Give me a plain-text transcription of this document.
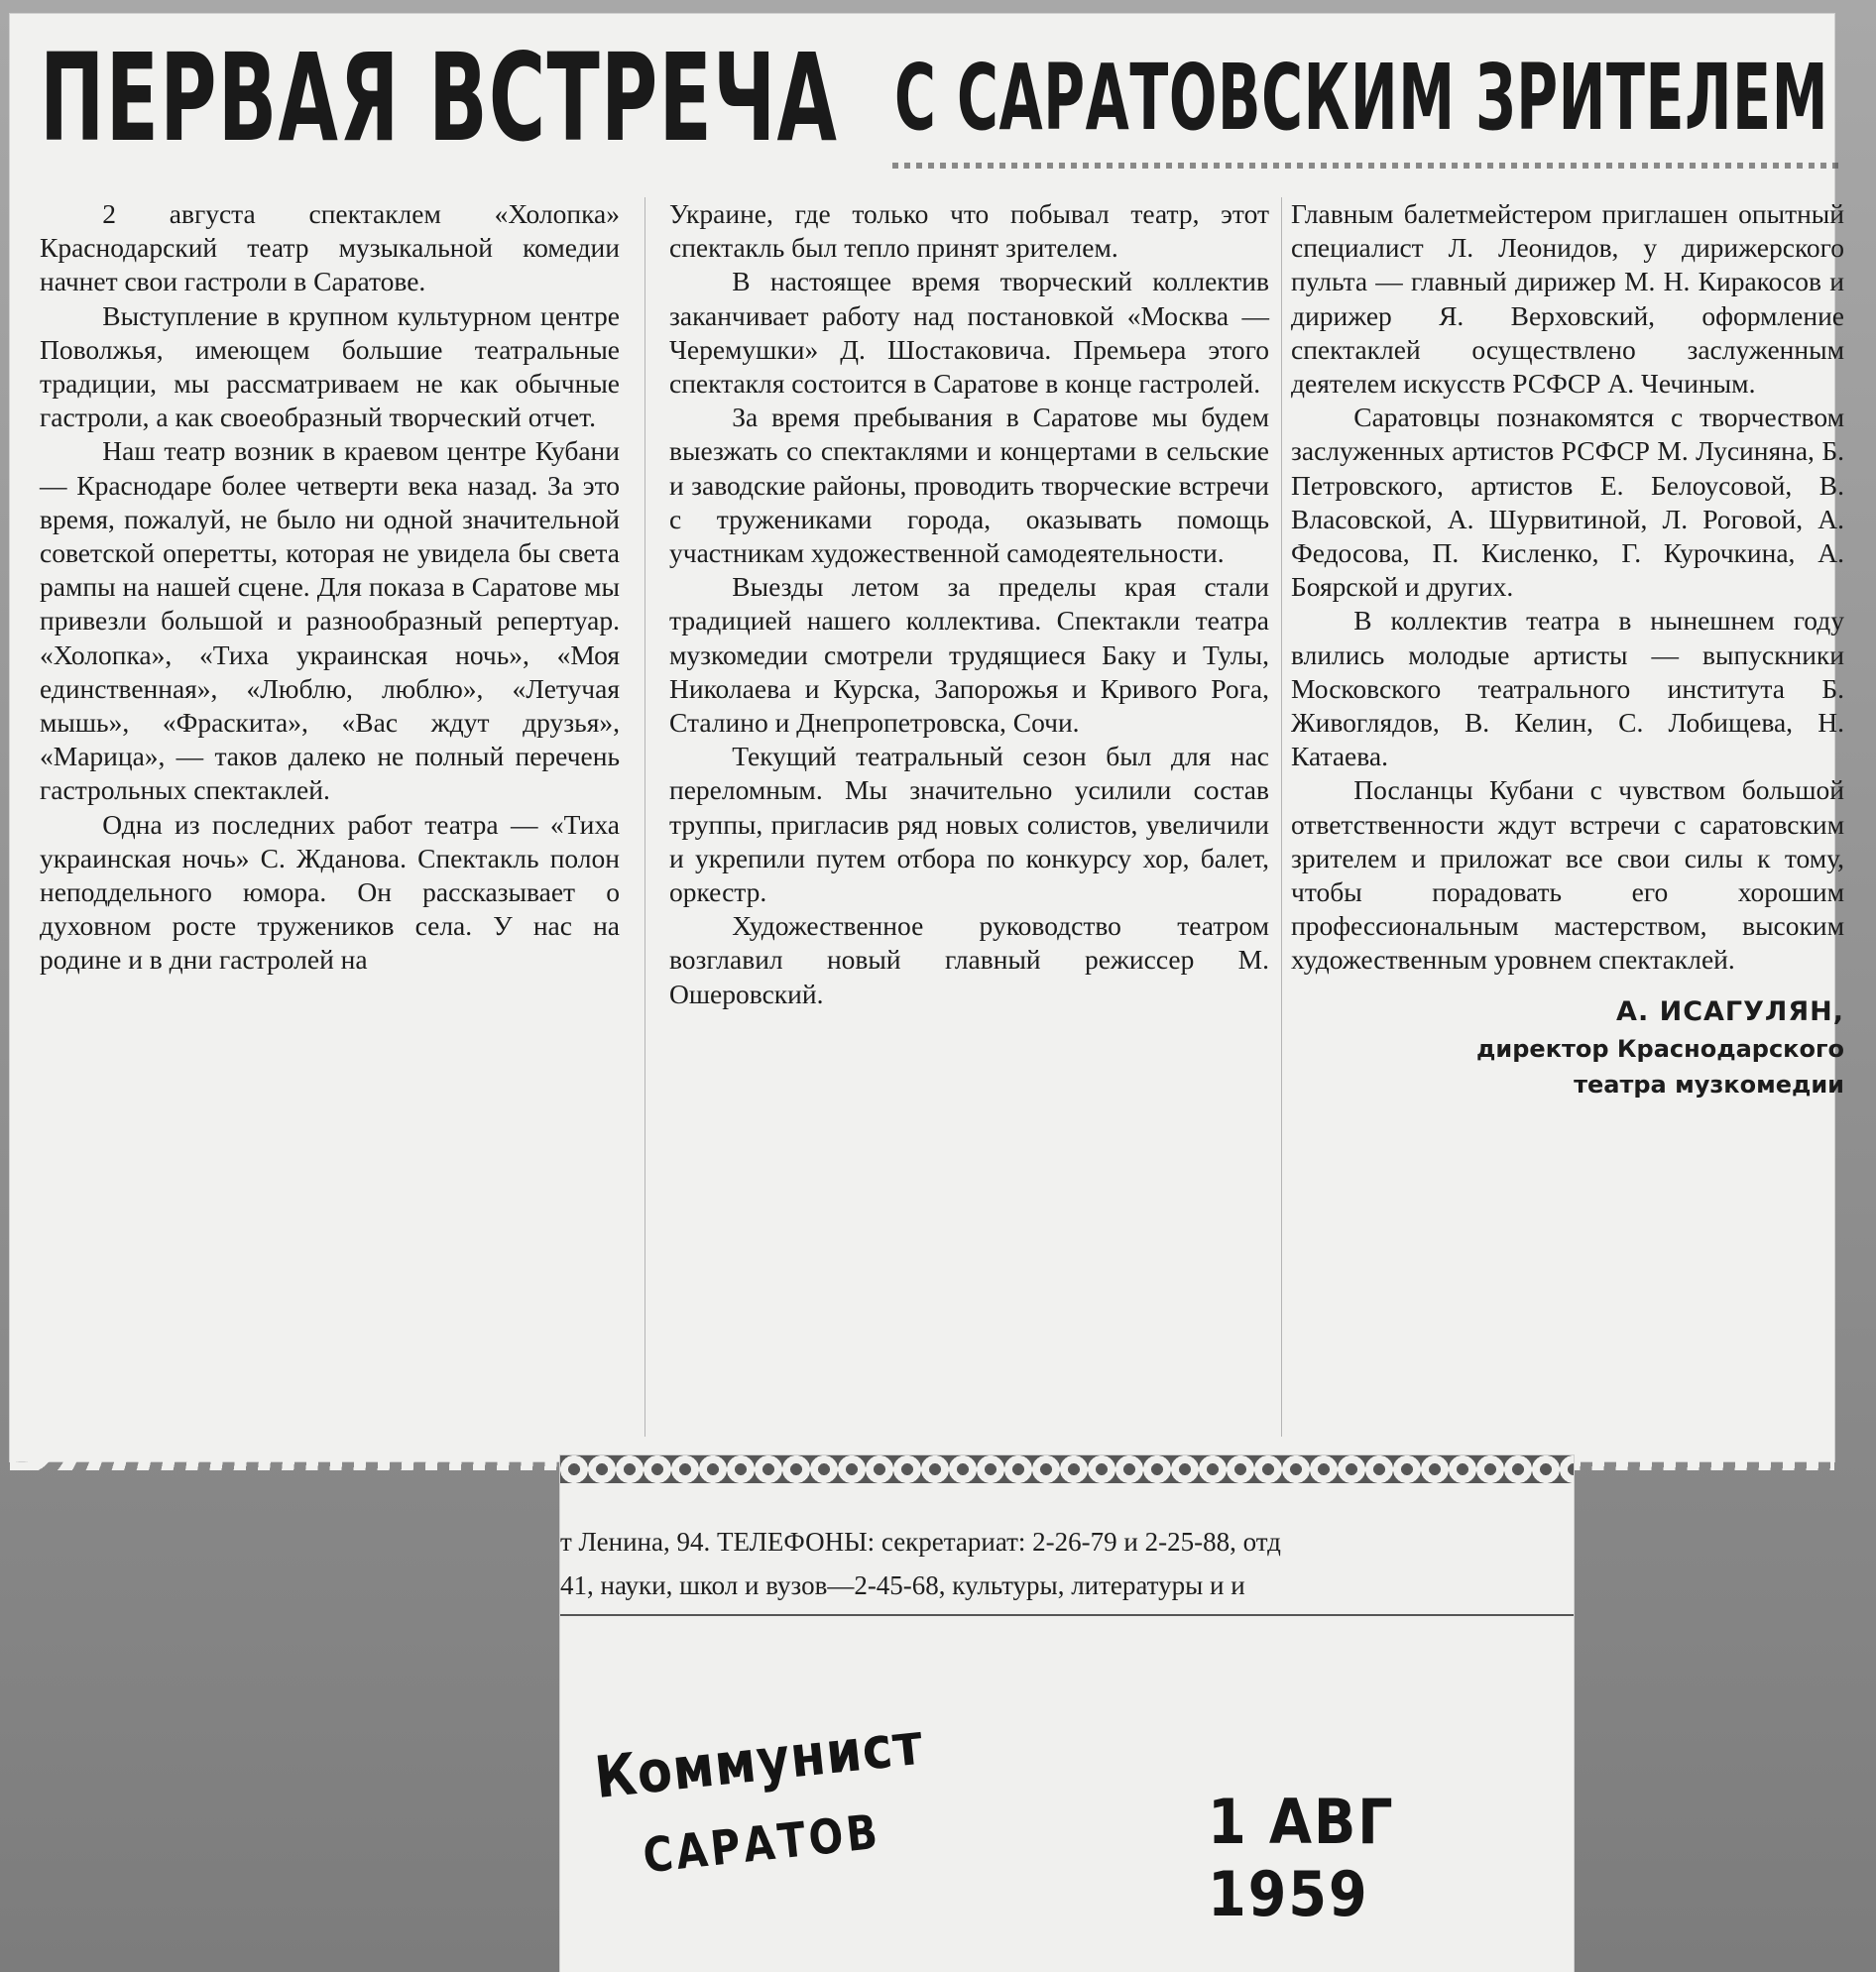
ПЕРВАЯ ВСТРЕЧА С САРАТОВСКИМ ЗРИТЕЛЕМ

2 августа спектаклем «Холопка» Краснодарский театр музыкальной комедии начнет свои гастроли в Саратове.

Выступление в крупном культурном центре Поволжья, имеющем большие театральные традиции, мы рассматриваем не как обычные гастроли, а как своеобразный творческий отчет.

Наш театр возник в краевом центре Кубани — Краснодаре более четверти века назад. За это время, пожалуй, не было ни одной значительной советской оперетты, которая не увидела бы света рампы на нашей сцене. Для показа в Саратове мы привезли большой и разнообразный репертуар. «Холопка», «Тиха украинская ночь», «Моя единственная», «Люблю, люблю», «Летучая мышь», «Фраскита», «Вас ждут друзья», «Марица», — таков далеко не полный перечень гастрольных спектаклей.

Одна из последних работ театра — «Тиха украинская ночь» С. Жданова. Спектакль полон неподдельного юмора. Он рассказывает о духовном росте тружеников села. У нас на родине и в дни гастролей на

Украине, где только что побывал театр, этот спектакль был тепло принят зрителем.

В настоящее время творческий коллектив заканчивает работу над постановкой «Москва — Черемушки» Д. Шостаковича. Премьера этого спектакля состоится в Саратове в конце гастролей.

За время пребывания в Саратове мы будем выезжать со спектаклями и концертами в сельские и заводские районы, проводить творческие встречи с тружениками города, оказывать помощь участникам художественной самодеятельности.

Выезды летом за пределы края стали традицией нашего коллектива. Спектакли театра музкомедии смотрели трудящиеся Баку и Тулы, Николаева и Курска, Запорожья и Кривого Рога, Сталино и Днепропетровска, Сочи.

Текущий театральный сезон был для нас переломным. Мы значительно усилили состав труппы, пригласив ряд новых солистов, увеличили и укрепили путем отбора по конкурсу хор, балет, оркестр.

Художественное руководство театром возглавил новый главный режиссер М. Ошеровский.

Главным балетмейстером приглашен опытный специалист Л. Леонидов, у дирижерского пульта — главный дирижер М. Н. Киракосов и дирижер Я. Верховский, оформление спектаклей осуществлено заслуженным деятелем искусств РСФСР А. Чечиным.

Саратовцы познакомятся с творчеством заслуженных артистов РСФСР М. Лусиняна, Б. Петровского, артистов Е. Белоусовой, В. Власовской, А. Шурвитиной, Л. Роговой, А. Федосова, П. Кисленко, Г. Курочкина, А. Боярской и других.

В коллектив театра в нынешнем году влились молодые артисты — выпускники Московского театрального института Б. Живоглядов, В. Келин, С. Лобищева, Н. Катаева.

Посланцы Кубани с чувством большой ответственности ждут встречи с саратовским зрителем и приложат все свои силы к тому, чтобы порадовать его хорошим профессиональным мастерством, высоким художественным уровнем спектаклей.

А. ИСАГУЛЯН,
директор Краснодарского
театра музкомедии
т Ленина, 94. ТЕЛЕФОНЫ: секретариат: 2-26-79 и 2-25-88, отд
41, науки, школ и вузов—2-45-68, культуры, литературы и и
Коммунист
САРАТОВ	1 АВГ 1959
